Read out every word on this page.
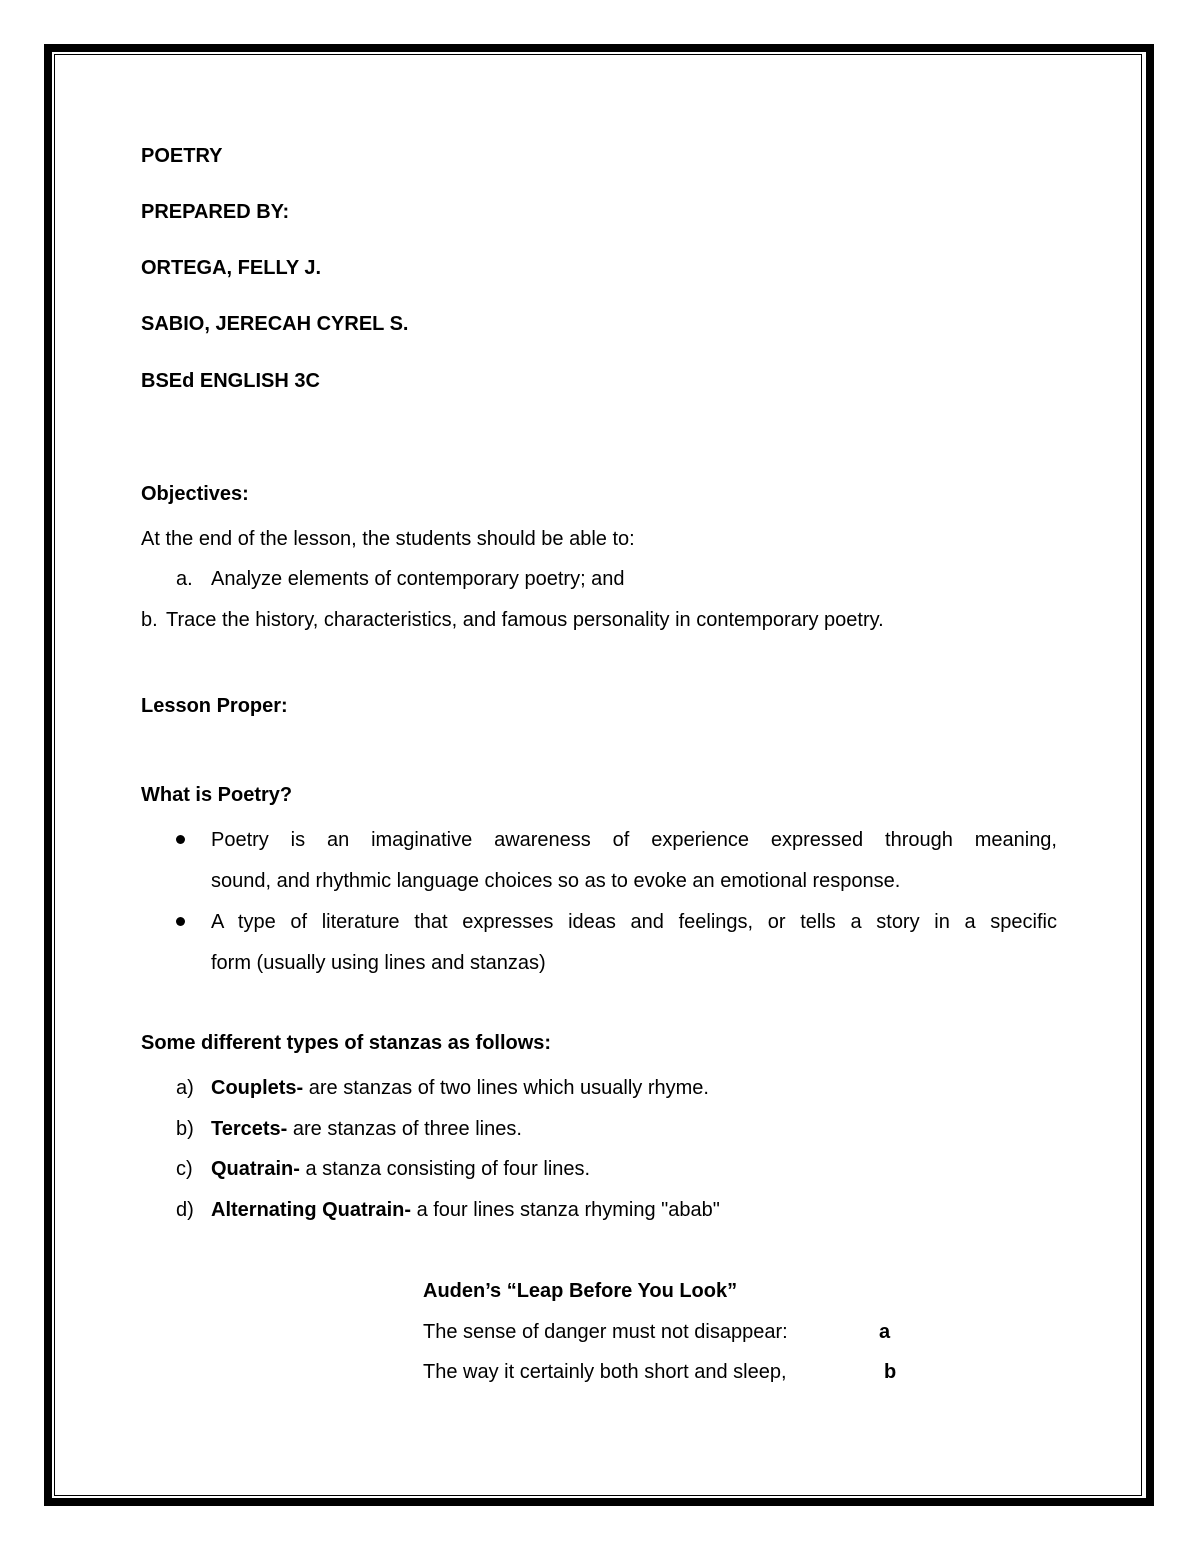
POETRY
PREPARED BY:
ORTEGA, FELLY J.
SABIO, JERECAH CYREL S.
BSEd ENGLISH 3C
Objectives:
At the end of the lesson, the students should be able to:
a. Analyze elements of contemporary poetry; and
b. Trace the history, characteristics, and famous personality in contemporary poetry.
Lesson Proper:
What is Poetry?
Poetry is an imaginative awareness of experience expressed through meaning,
sound, and rhythmic language choices so as to evoke an emotional response.
A type of literature that expresses ideas and feelings, or tells a story in a specific
form (usually using lines and stanzas)
Some different types of stanzas as follows:
a) Couplets- are stanzas of two lines which usually rhyme.
b) Tercets- are stanzas of three lines.
c) Quatrain- a stanza consisting of four lines.
d) Alternating Quatrain- a four lines stanza rhyming "abab"
Auden’s “Leap Before You Look”
The sense of danger must not disappear:	a
The way it certainly both short and sleep,	b
